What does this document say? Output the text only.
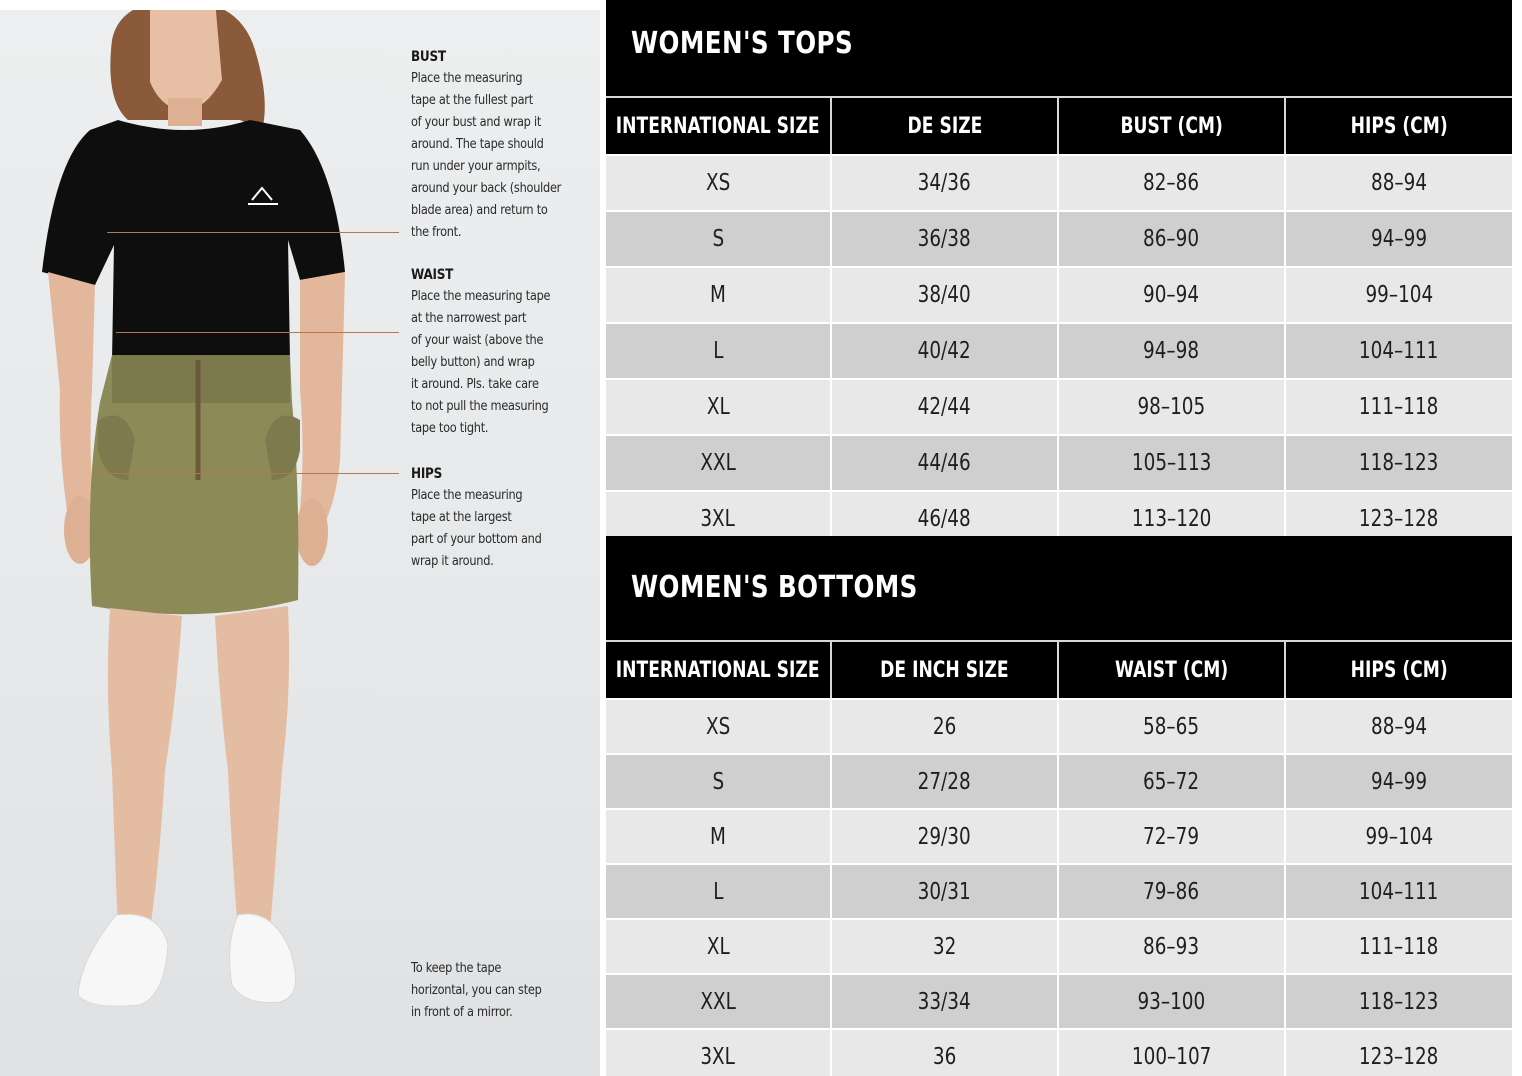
BUST
Place the measuring
tape at the fullest part
of your bust and wrap it
around. The tape should
run under your armpits,
around your back (shoulder
blade area) and return to
the front.
WAIST
Place the measuring tape
at the narrowest part
of your waist (above the
belly button) and wrap
it around. Pls. take care
to not pull the measuring
tape too tight.
HIPS
Place the measuring
tape at the largest
part of your bottom and
wrap it around.
To keep the tape
horizontal, you can step
in front of a mirror.
WOMEN'S TOPS
INTERNATIONAL SIZE	DE SIZE	BUST (CM)	HIPS (CM)
XS	34/36	82–86	88–94
S	36/38	86–90	94–99
M	38/40	90–94	99–104
L	40/42	94–98	104–111
XL	42/44	98–105	111–118
XXL	44/46	105–113	118–123
3XL	46/48	113–120	123–128
WOMEN'S BOTTOMS
INTERNATIONAL SIZE	DE INCH SIZE	WAIST (CM)	HIPS (CM)
XS	26	58–65	88–94
S	27/28	65–72	94–99
M	29/30	72–79	99–104
L	30/31	79–86	104–111
XL	32	86–93	111–118
XXL	33/34	93–100	118–123
3XL	36	100–107	123–128
